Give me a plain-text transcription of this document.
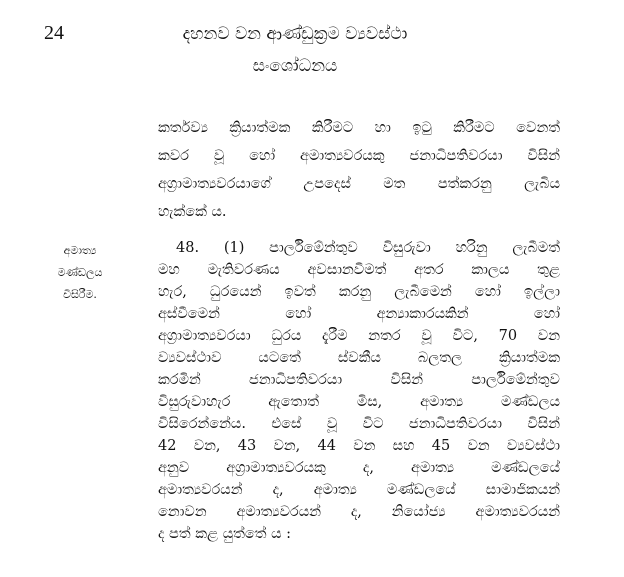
24	දහනව වන ආණ්ඩුක්‍රම ව්‍යවස්ථා
සංශෝධනය
කර්තව්‍ය ක්‍රියාත්මක කිරීමට හා ඉටු කිරීමට වෙනත්
කවර වූ හෝ අමාත්‍යවරයකු ජනාධිපතිවරයා විසින්
අග්‍රාමාත්‍යවරයාගේ උපදෙස් මත පත්කරනු ලැබිය
හැක්කේ ය.
අමාත්‍ය
මණ්ඩලය
විසිරීම.
48. (1) පාර්ලිමේන්තුව විසුරුවා හරිනු ලැබීමත්
මහ මැතිවරණය අවසානවීමත් අතර කාලය තුළ
හැර, ධුරයෙන් ඉවත් කරනු ලැබීමෙන් හෝ ඉල්ලා
අස්වීමෙන් හෝ අන්‍යාකාරයකින් හෝ
අග්‍රාමාත්‍යවරයා ධුරය දැරීම නතර වූ විට, 70 වන
ව්‍යවස්ථාව යටතේ ස්වකීය බලතල ක්‍රියාත්මක
කරමින් ජනාධිපතිවරයා විසින් පාර්ලිමේන්තුව
විසුරුවාහැර ඇතොත් මිස, අමාත්‍ය මණ්ඩලය
විසිරෙන්නේය. එසේ වූ විට ජනාධිපතිවරයා විසින්
42 වන, 43 වන, 44 වන සහ 45 වන ව්‍යවස්ථා
අනුව අග්‍රාමාත්‍යවරයකු ද, අමාත්‍ය මණ්ඩලයේ
අමාත්‍යවරයන් ද, අමාත්‍ය මණ්ඩලයේ සාමාජිකයන්
නොවන අමාත්‍යවරයන් ද, නියෝජ්‍ය අමාත්‍යවරයන්
ද පත් කළ යුත්තේ ය :
